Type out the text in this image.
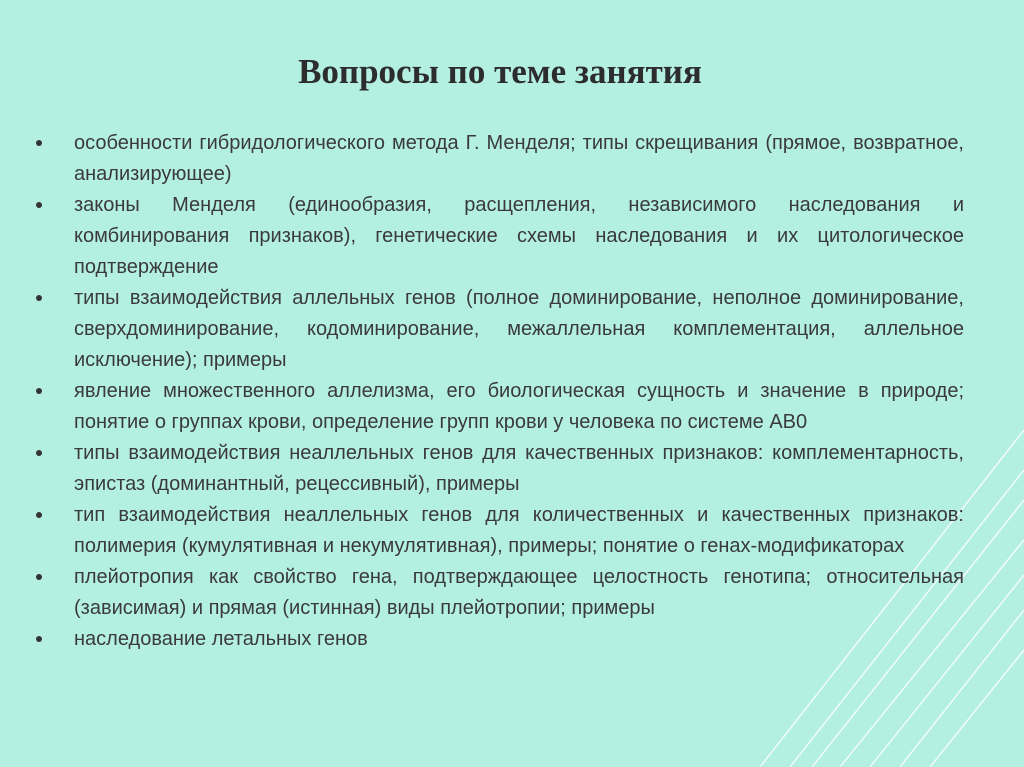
Вопросы по теме занятия
особенности гибридологического метода Г. Менделя; типы скрещивания (прямое, возвратное, анализирующее)
законы Менделя (единообразия, расщепления, независимого наследования и комбинирования признаков), генетические схемы наследования и их цитологическое подтверждение
типы взаимодействия аллельных генов (полное доминирование, неполное доминирование, сверхдоминирование, кодоминирование, межаллельная комплементация, аллельное исключение); примеры
явление множественного аллелизма, его биологическая сущность и значение в природе; понятие о группах крови, определение групп крови у человека по системе АВ0
типы взаимодействия неаллельных генов для качественных признаков: комплементарность, эпистаз (доминантный, рецессивный), примеры
тип взаимодействия неаллельных генов для количественных и качественных признаков: полимерия (кумулятивная и некумулятивная), примеры; понятие о генах-модификаторах
плейотропия как свойство гена, подтверждающее целостность генотипа; относительная (зависимая) и прямая (истинная) виды плейотропии; примеры
наследование летальных генов
